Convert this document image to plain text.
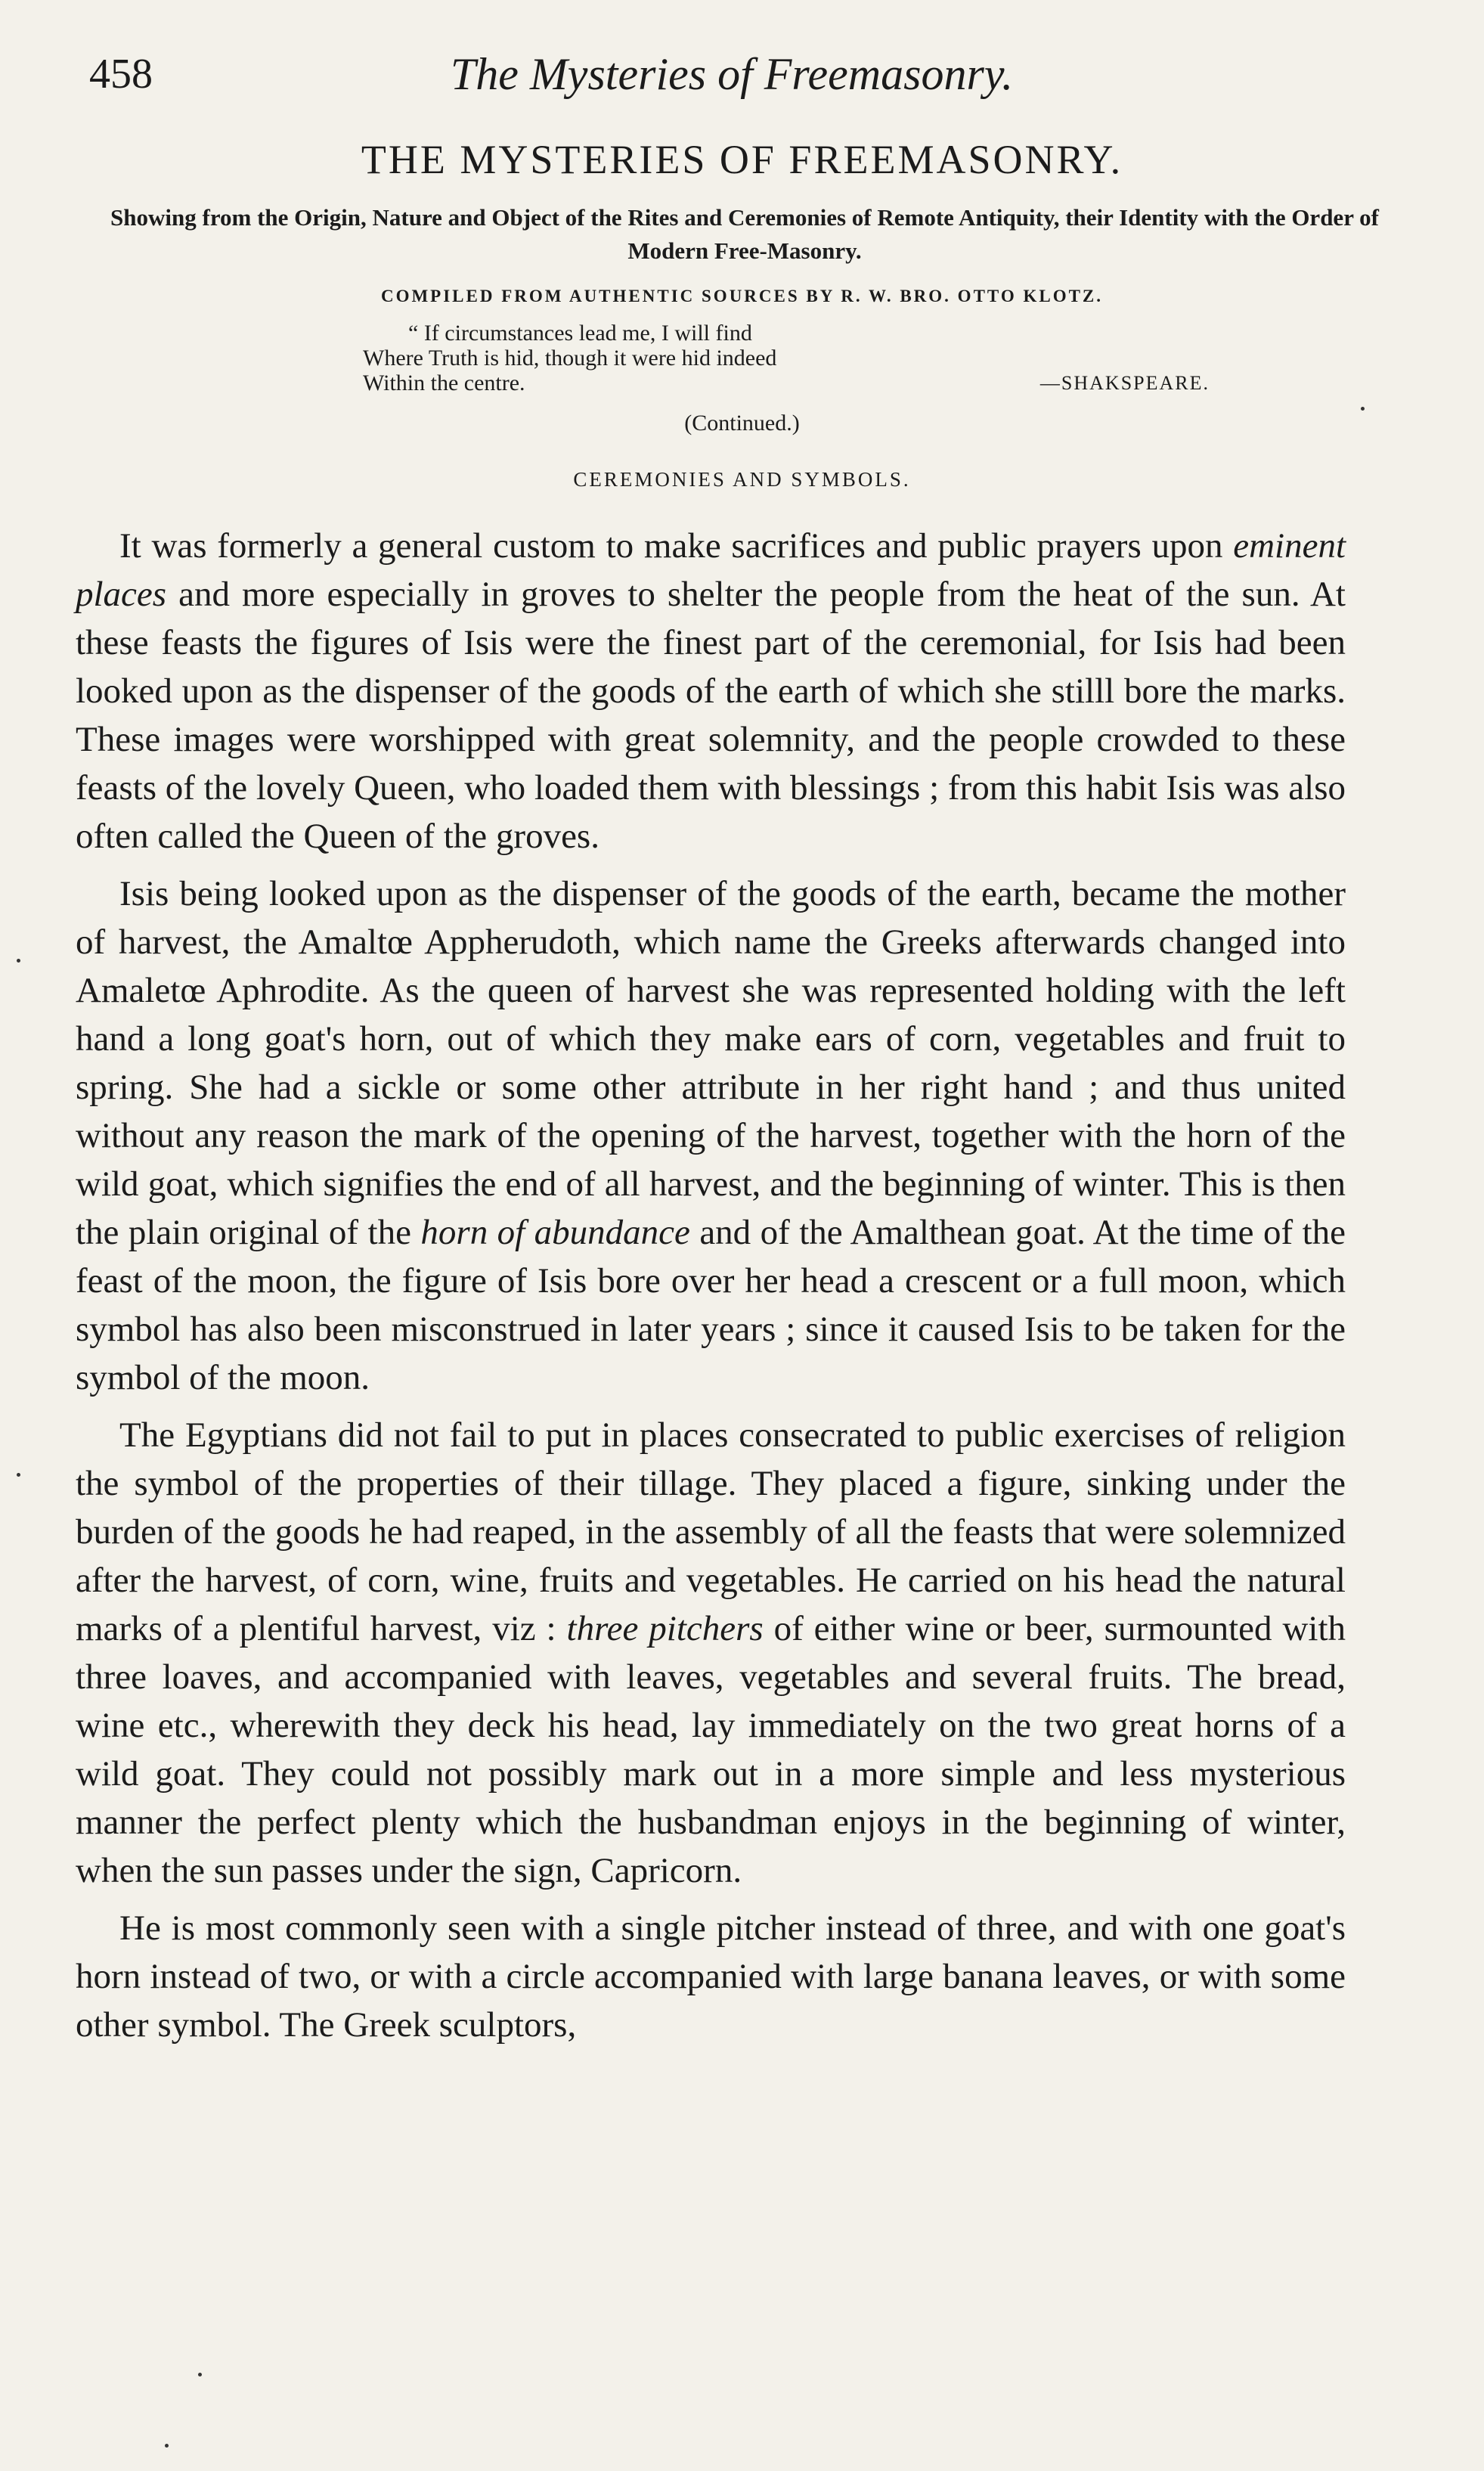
458	The Mysteries of Freemasonry.
THE MYSTERIES OF FREEMASONRY.
Showing from the Origin, Nature and Object of the Rites and Ceremonies of Remote Antiquity, their Identity with the Order of Modern Free-Masonry.
COMPILED FROM AUTHENTIC SOURCES BY R. W. BRO. OTTO KLOTZ.
“ If circumstances lead me, I will find
Where Truth is hid, though it were hid indeed
Within the centre.	—SHAKSPEARE.
(Continued.)
CEREMONIES AND SYMBOLS.

It was formerly a general custom to make sacrifices and public prayers upon eminent places and more especially in groves to shelter the people from the heat of the sun. At these feasts the figures of Isis were the finest part of the ceremonial, for Isis had been looked upon as the dispenser of the goods of the earth of which she stilll bore the marks. These images were worshipped with great solemnity, and the people crowded to these feasts of the lovely Queen, who loaded them with blessings ; from this habit Isis was also often called the Queen of the groves.

Isis being looked upon as the dispenser of the goods of the earth, became the mother of harvest, the Amaltœ Appherudoth, which name the Greeks afterwards changed into Amaletœ Aphrodite. As the queen of harvest she was represented holding with the left hand a long goat's horn, out of which they make ears of corn, vegetables and fruit to spring. She had a sickle or some other attribute in her right hand ; and thus united without any reason the mark of the opening of the harvest, together with the horn of the wild goat, which signifies the end of all harvest, and the beginning of winter. This is then the plain original of the horn of abundance and of the Amalthean goat. At the time of the feast of the moon, the figure of Isis bore over her head a crescent or a full moon, which symbol has also been misconstrued in later years ; since it caused Isis to be taken for the symbol of the moon.

The Egyptians did not fail to put in places consecrated to public exercises of religion the symbol of the properties of their tillage. They placed a figure, sinking under the burden of the goods he had reaped, in the assembly of all the feasts that were solemnized after the harvest, of corn, wine, fruits and vegetables. He carried on his head the natural marks of a plentiful harvest, viz : three pitchers of either wine or beer, surmounted with three loaves, and accompanied with leaves, vegetables and several fruits. The bread, wine etc., wherewith they deck his head, lay immediately on the two great horns of a wild goat. They could not possibly mark out in a more simple and less mysterious manner the perfect plenty which the husbandman enjoys in the beginning of winter, when the sun passes under the sign, Capricorn.

He is most commonly seen with a single pitcher instead of three, and with one goat's horn instead of two, or with a circle accompanied with large banana leaves, or with some other symbol. The Greek sculptors,
